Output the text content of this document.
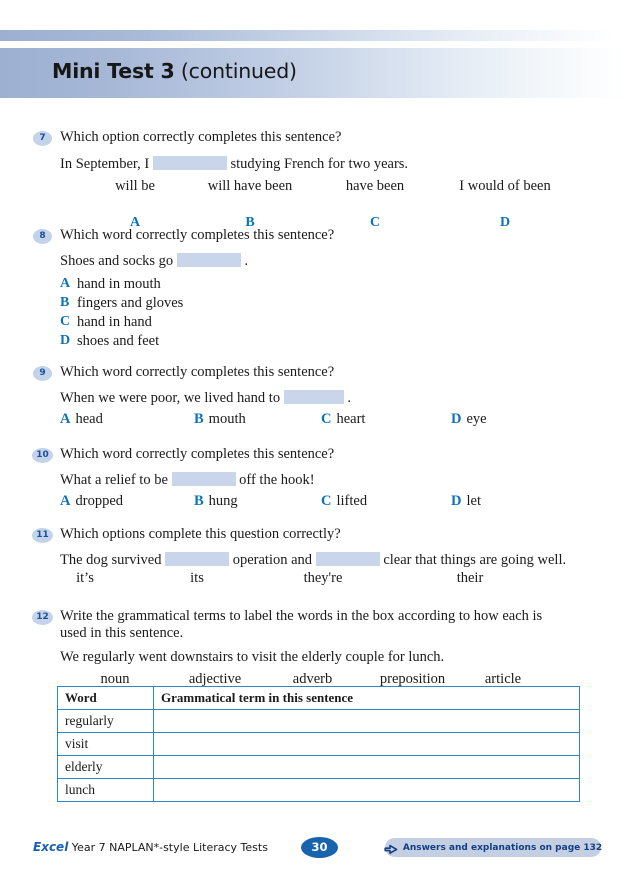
Mini Test 3 (continued)
7 Which option correctly completes this sentence?
In September, I	studying French for two years.
will be	will have been	have been	I would of been
A	B	C	D
8 Which word correctly completes this sentence?
Shoes and socks go	.
A hand in mouth
B fingers and gloves
C hand in hand
D shoes and feet
9 Which word correctly completes this sentence?
When we were poor, we lived hand to	.
A head	B mouth	C heart	D eye
10 Which word correctly completes this sentence?
What a relief to be	off the hook!
A dropped	B hung	C lifted	D let
11 Which options complete this question correctly?
The dog survived	operation and	clear that things are going well.
it’s	its	they're	their
12 Write the grammatical terms to label the words in the box according to how each is used in this sentence.
We regularly went downstairs to visit the elderly couple for lunch.
noun	adjective	adverb	preposition	article
Word	Grammatical term in this sentence
regularly	
visit	
elderly	
lunch	
Excel Year 7 NAPLAN*-style Literacy Tests	30	Answers and explanations on page 132
